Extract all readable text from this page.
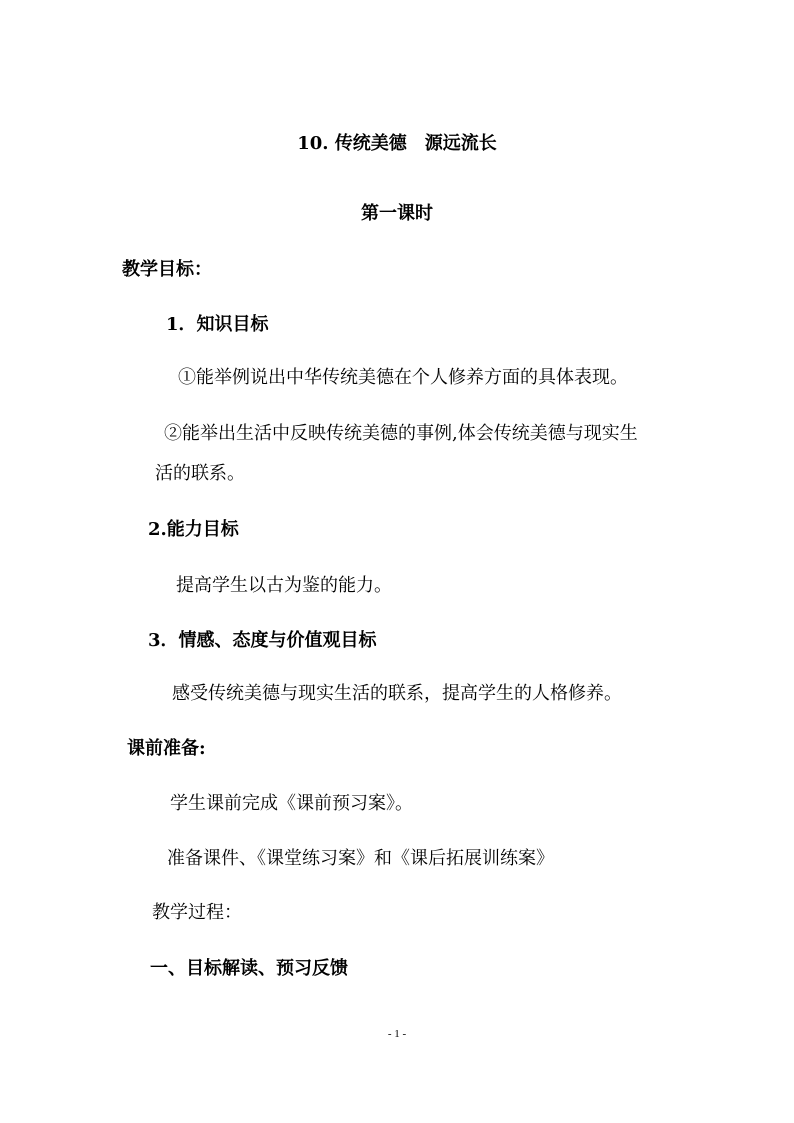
10. 传统美德　源远流长
第一课时
教学目标：
1．知识目标
①能举例说出中华传统美德在个人修养方面的具体表现。
②能举出生活中反映传统美德的事例,体会传统美德与现实生
活的联系。
2.能力目标
提高学生以古为鉴的能力。
3．情感、态度与价值观目标
感受传统美德与现实生活的联系，提高学生的人格修养。
课前准备:
学生课前完成《课前预习案》。
准备课件、《课堂练习案》和《课后拓展训练案》
教学过程：
一、目标解读、预习反馈
- 1 -
